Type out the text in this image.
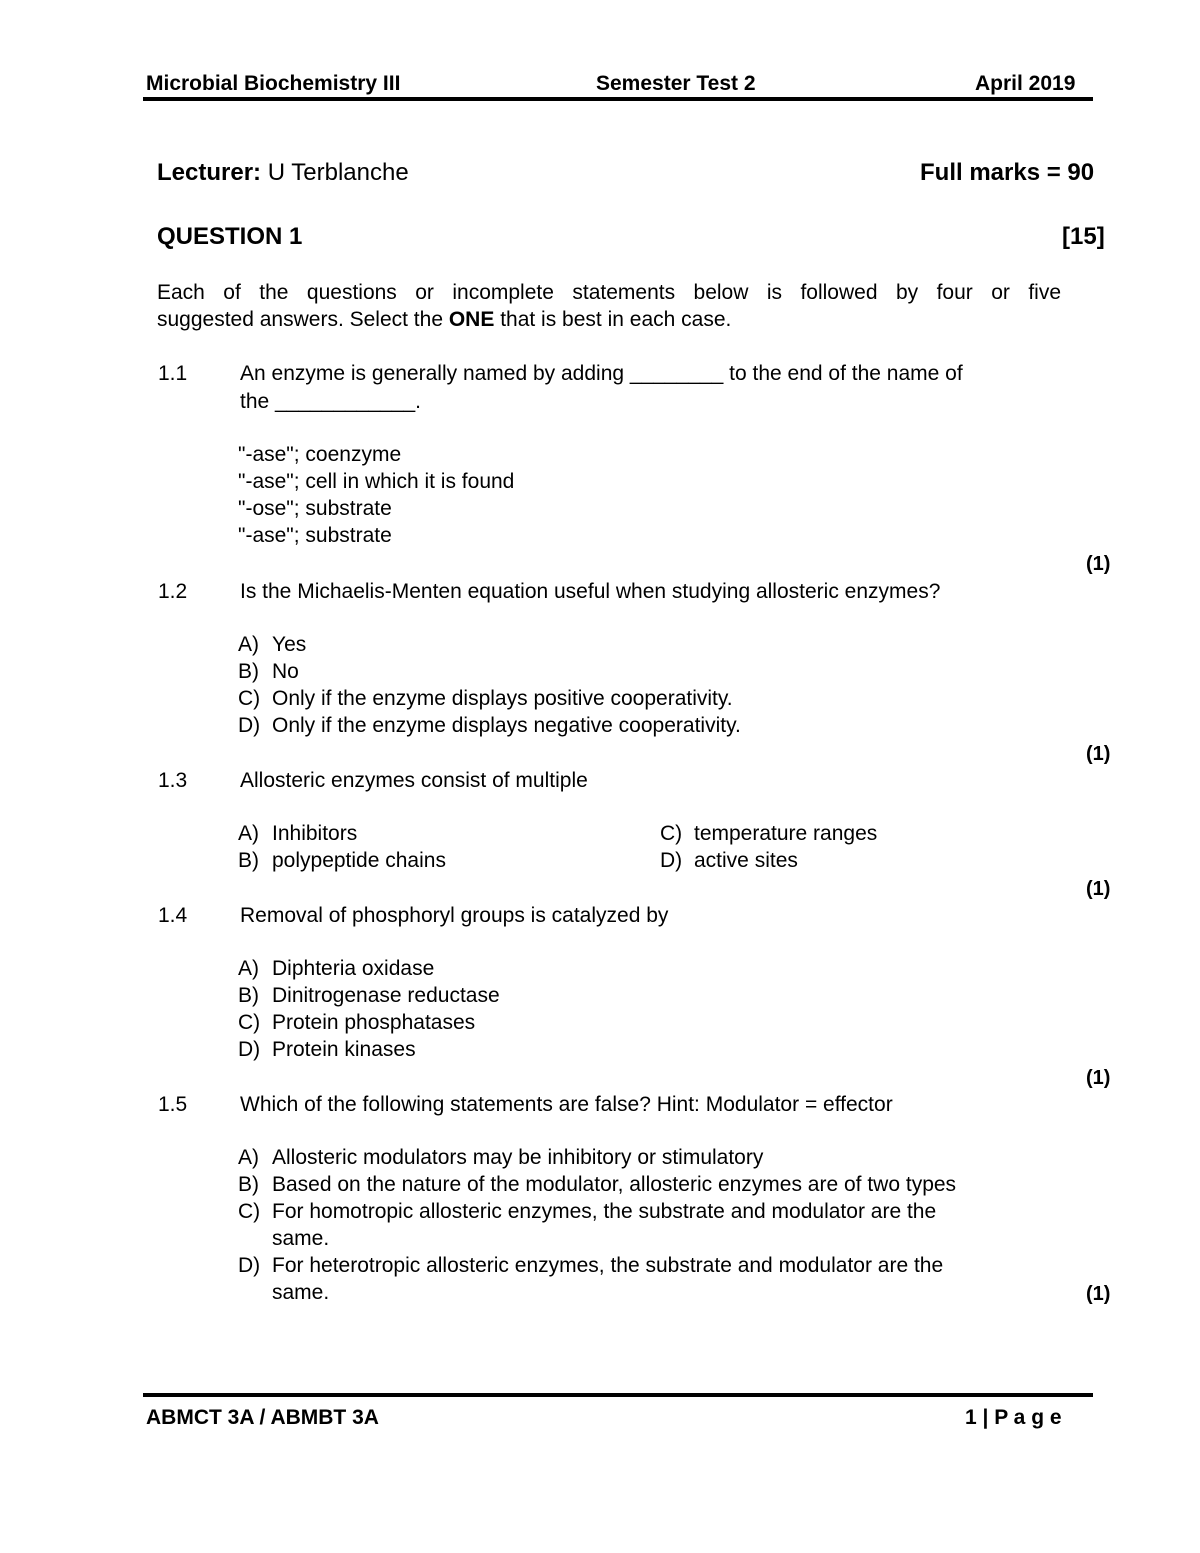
Microbial Biochemistry III	Semester Test 2	April 2019
Lecturer: U Terblanche	Full marks = 90
QUESTION 1	[15]
Each of the questions or incomplete statements below is followed by four or five
suggested answers. Select the ONE that is best in each case.
1.1	An enzyme is generally named by adding ________ to the end of the name of
the ____________.
"-ase"; coenzyme
"-ase"; cell in which it is found
"-ose"; substrate
"-ase"; substrate
(1)
1.2	Is the Michaelis-Menten equation useful when studying allosteric enzymes?
A) Yes
B) No
C) Only if the enzyme displays positive cooperativity.
D) Only if the enzyme displays negative cooperativity.
(1)
1.3	Allosteric enzymes consist of multiple
A) Inhibitors
B) polypeptide chains
C) temperature ranges
D) active sites
(1)
1.4	Removal of phosphoryl groups is catalyzed by
A) Diphteria oxidase
B) Dinitrogenase reductase
C) Protein phosphatases
D) Protein kinases
(1)
1.5	Which of the following statements are false? Hint: Modulator = effector
A) Allosteric modulators may be inhibitory or stimulatory
B) Based on the nature of the modulator, allosteric enzymes are of two types
C) For homotropic allosteric enzymes, the substrate and modulator are the
same.
D) For heterotropic allosteric enzymes, the substrate and modulator are the
same.	(1)
ABMCT 3A / ABMBT 3A	1 | P a g e
